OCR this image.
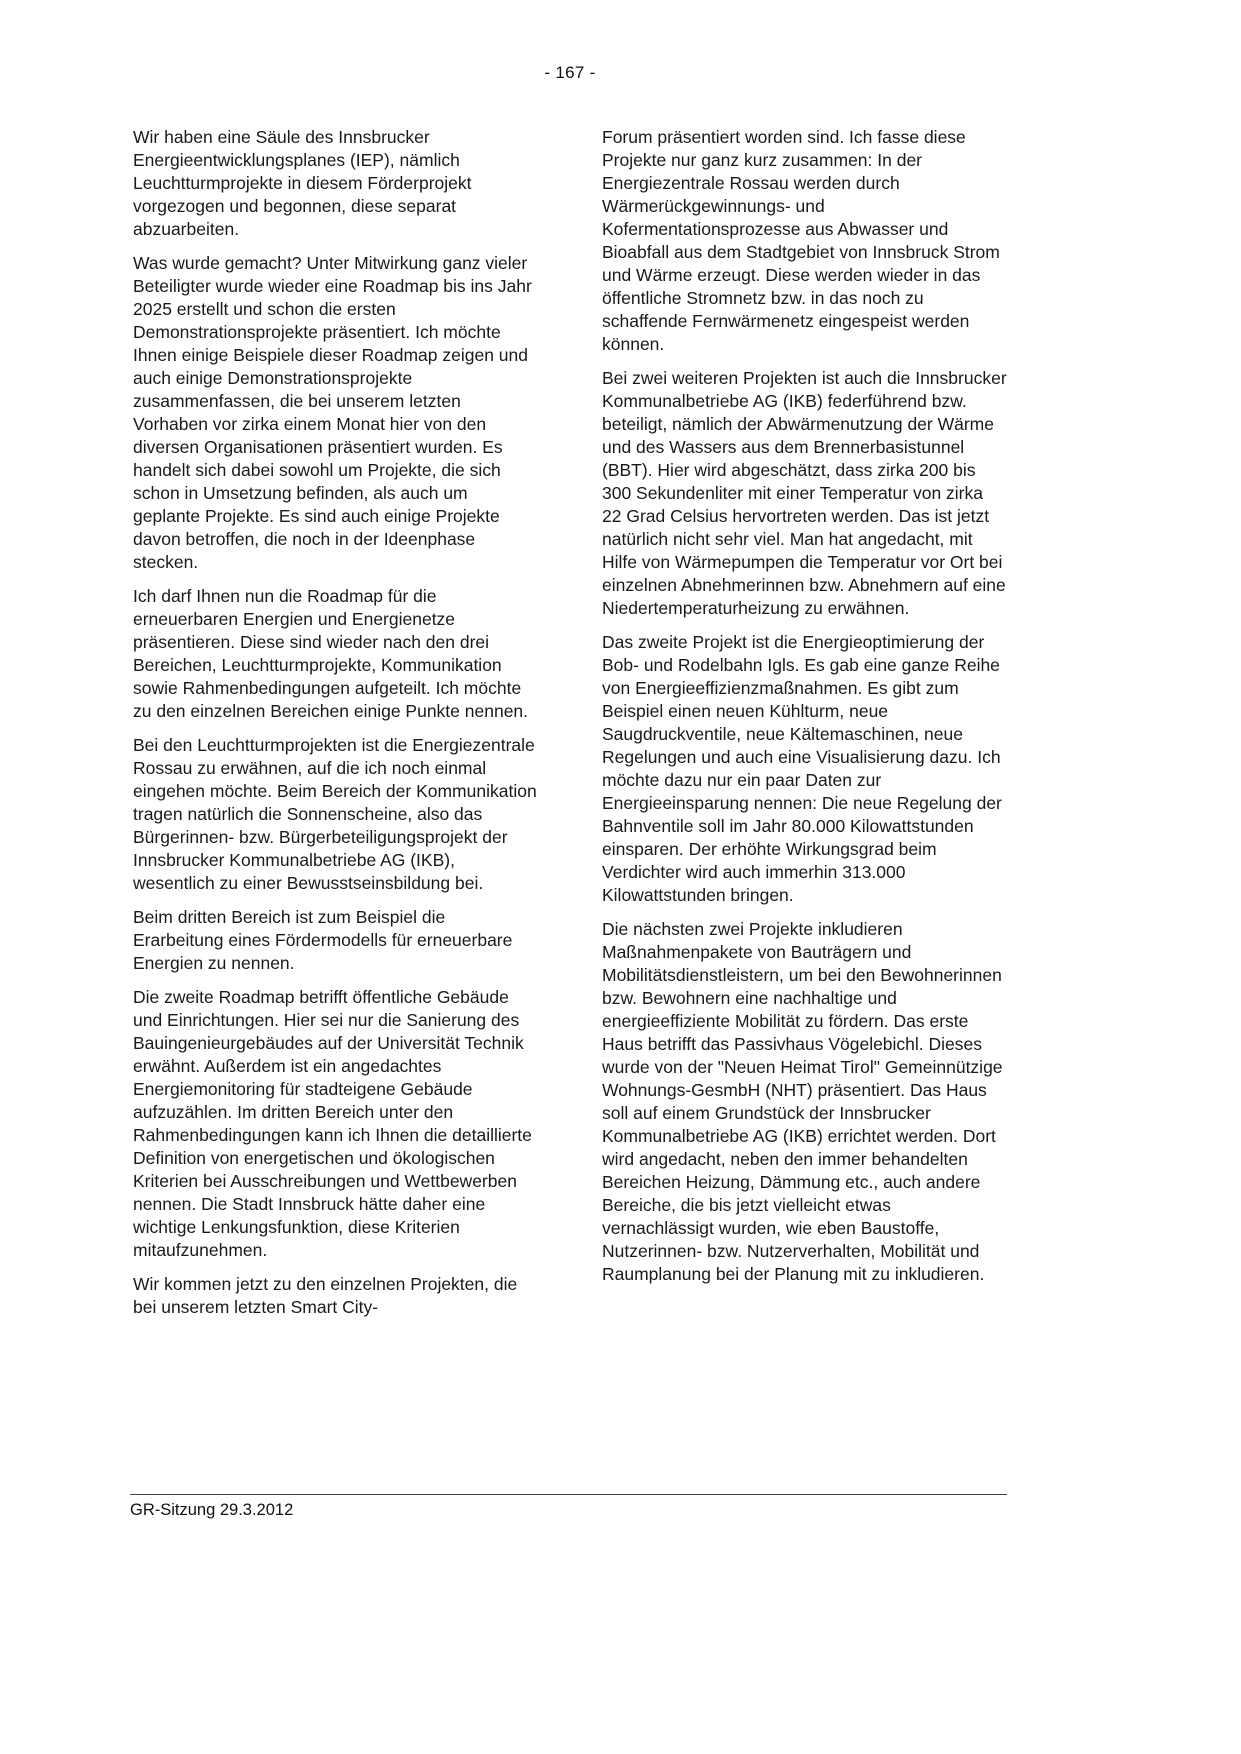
- 167 -

Wir haben eine Säule des Innsbrucker Energieentwicklungsplanes (IEP), nämlich Leuchtturmprojekte in diesem Förderprojekt vorgezogen und begonnen, diese separat abzuarbeiten.

Was wurde gemacht? Unter Mitwirkung ganz vieler Beteiligter wurde wieder eine Roadmap bis ins Jahr 2025 erstellt und schon die ersten Demonstrationsprojekte präsentiert. Ich möchte Ihnen einige Beispiele dieser Roadmap zeigen und auch einige Demonstrationsprojekte zusammenfassen, die bei unserem letzten Vorhaben vor zirka einem Monat hier von den diversen Organisationen präsentiert wurden. Es handelt sich dabei sowohl um Projekte, die sich schon in Umsetzung befinden, als auch um geplante Projekte. Es sind auch einige Projekte davon betroffen, die noch in der Ideenphase stecken.

Ich darf Ihnen nun die Roadmap für die erneuerbaren Energien und Energienetze präsentieren. Diese sind wieder nach den drei Bereichen, Leuchtturmprojekte, Kommunikation sowie Rahmenbedingungen aufgeteilt. Ich möchte zu den einzelnen Bereichen einige Punkte nennen.

Bei den Leuchtturmprojekten ist die Energiezentrale Rossau zu erwähnen, auf die ich noch einmal eingehen möchte. Beim Bereich der Kommunikation tragen natürlich die Sonnenscheine, also das Bürgerinnen- bzw. Bürgerbeteiligungsprojekt der Innsbrucker Kommunalbetriebe AG (IKB), wesentlich zu einer Bewusstseinsbildung bei.

Beim dritten Bereich ist zum Beispiel die Erarbeitung eines Fördermodells für erneuerbare Energien zu nennen.

Die zweite Roadmap betrifft öffentliche Gebäude und Einrichtungen. Hier sei nur die Sanierung des Bauingenieurgebäudes auf der Universität Technik erwähnt. Außerdem ist ein angedachtes Energiemonitoring für stadteigene Gebäude aufzuzählen. Im dritten Bereich unter den Rahmenbedingungen kann ich Ihnen die detaillierte Definition von energetischen und ökologischen Kriterien bei Ausschreibungen und Wettbewerben nennen. Die Stadt Innsbruck hätte daher eine wichtige Lenkungsfunktion, diese Kriterien mitaufzunehmen.

Wir kommen jetzt zu den einzelnen Projekten, die bei unserem letzten Smart City-

Forum präsentiert worden sind. Ich fasse diese Projekte nur ganz kurz zusammen: In der Energiezentrale Rossau werden durch Wärmerückgewinnungs- und Kofermentationsprozesse aus Abwasser und Bioabfall aus dem Stadtgebiet von Innsbruck Strom und Wärme erzeugt. Diese werden wieder in das öffentliche Stromnetz bzw. in das noch zu schaffende Fernwärmenetz eingespeist werden können.

Bei zwei weiteren Projekten ist auch die Innsbrucker Kommunalbetriebe AG (IKB) federführend bzw. beteiligt, nämlich der Abwärmenutzung der Wärme und des Wassers aus dem Brennerbasistunnel (BBT). Hier wird abgeschätzt, dass zirka 200 bis 300 Sekundenliter mit einer Temperatur von zirka 22 Grad Celsius hervortreten werden. Das ist jetzt natürlich nicht sehr viel. Man hat angedacht, mit Hilfe von Wärmepumpen die Temperatur vor Ort bei einzelnen Abnehmerinnen bzw. Abnehmern auf eine Niedertemperaturheizung zu erwähnen.

Das zweite Projekt ist die Energieoptimierung der Bob- und Rodelbahn Igls. Es gab eine ganze Reihe von Energieeffizienzmaßnahmen. Es gibt zum Beispiel einen neuen Kühlturm, neue Saugdruckventile, neue Kältemaschinen, neue Regelungen und auch eine Visualisierung dazu. Ich möchte dazu nur ein paar Daten zur Energieeinsparung nennen: Die neue Regelung der Bahnventile soll im Jahr 80.000 Kilowattstunden einsparen. Der erhöhte Wirkungsgrad beim Verdichter wird auch immerhin 313.000 Kilowattstunden bringen.

Die nächsten zwei Projekte inkludieren Maßnahmenpakete von Bauträgern und Mobilitätsdienstleistern, um bei den Bewohnerinnen bzw. Bewohnern eine nachhaltige und energieeffiziente Mobilität zu fördern. Das erste Haus betrifft das Passivhaus Vögelebichl. Dieses wurde von der "Neuen Heimat Tirol" Gemeinnützige Wohnungs-GesmbH (NHT) präsentiert. Das Haus soll auf einem Grundstück der Innsbrucker Kommunalbetriebe AG (IKB) errichtet werden. Dort wird angedacht, neben den immer behandelten Bereichen Heizung, Dämmung etc., auch andere Bereiche, die bis jetzt vielleicht etwas vernachlässigt wurden, wie eben Baustoffe, Nutzerinnen- bzw. Nutzerverhalten, Mobilität und Raumplanung bei der Planung mit zu inkludieren.

GR-Sitzung 29.3.2012
